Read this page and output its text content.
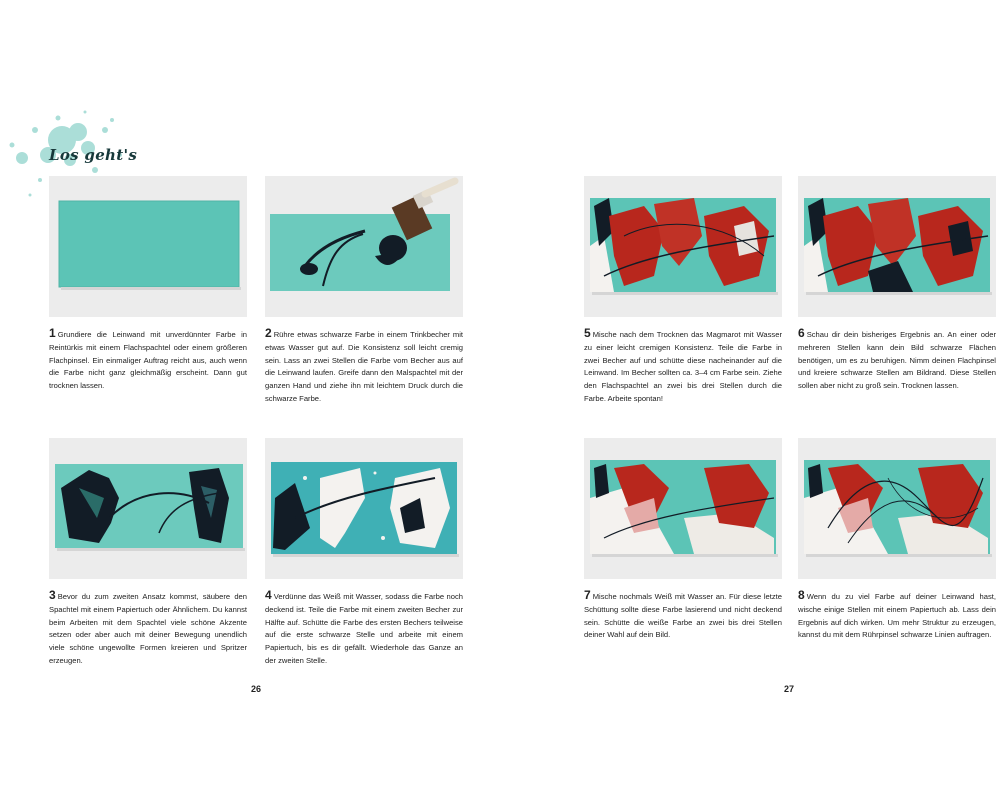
Los geht's
1 Grundiere die Leinwand mit unverdünnter Farbe in Reintürkis mit einem Flachspachtel oder einem größeren Flachpinsel. Ein einmaliger Auftrag reicht aus, auch wenn die Farbe nicht ganz gleichmäßig erscheint. Dann gut trocknen lassen.
2 Rühre etwas schwarze Farbe in einem Trinkbecher mit etwas Wasser gut auf. Die Konsistenz soll leicht cremig sein. Lass an zwei Stellen die Farbe vom Becher aus auf die Leinwand laufen. Greife dann den Malspachtel mit der ganzen Hand und ziehe ihn mit leichtem Druck durch die schwarze Farbe.
3 Bevor du zum zweiten Ansatz kommst, säubere den Spachtel mit einem Papiertuch oder Ähnlichem. Du kannst beim Arbeiten mit dem Spachtel viele schöne Akzente setzen oder aber auch mit deiner Bewegung unendlich viele schöne ungewollte Formen kreieren und Spritzer erzeugen.
4 Verdünne das Weiß mit Wasser, sodass die Farbe noch deckend ist. Teile die Farbe mit einem zweiten Becher zur Hälfte auf. Schütte die Farbe des ersten Bechers teilweise auf die erste schwarze Stelle und arbeite mit einem Papiertuch, bis es dir gefällt. Wiederhole das Ganze an der zweiten Stelle.
5 Mische nach dem Trocknen das Magmarot mit Wasser zu einer leicht cremigen Konsistenz. Teile die Farbe in zwei Becher auf und schütte diese nacheinander auf die Leinwand. Im Becher sollten ca. 3–4 cm Farbe sein. Ziehe den Flachspachtel an zwei bis drei Stellen durch die Farbe. Arbeite spontan!
6 Schau dir dein bisheriges Ergebnis an. An einer oder mehreren Stellen kann dein Bild schwarze Flächen benötigen, um es zu beruhigen. Nimm deinen Flachpinsel und kreiere schwarze Stellen am Bildrand. Diese Stellen sollen aber nicht zu groß sein. Trocknen lassen.
7 Mische nochmals Weiß mit Wasser an. Für diese letzte Schüttung sollte diese Farbe lasierend und nicht deckend sein. Schütte die weiße Farbe an zwei bis drei Stellen deiner Wahl auf dein Bild.
8 Wenn du zu viel Farbe auf deiner Leinwand hast, wische einige Stellen mit einem Papiertuch ab. Lass dein Ergebnis auf dich wirken. Um mehr Struktur zu erzeugen, kannst du mit dem Rührpinsel schwarze Linien auftragen.
26	27
